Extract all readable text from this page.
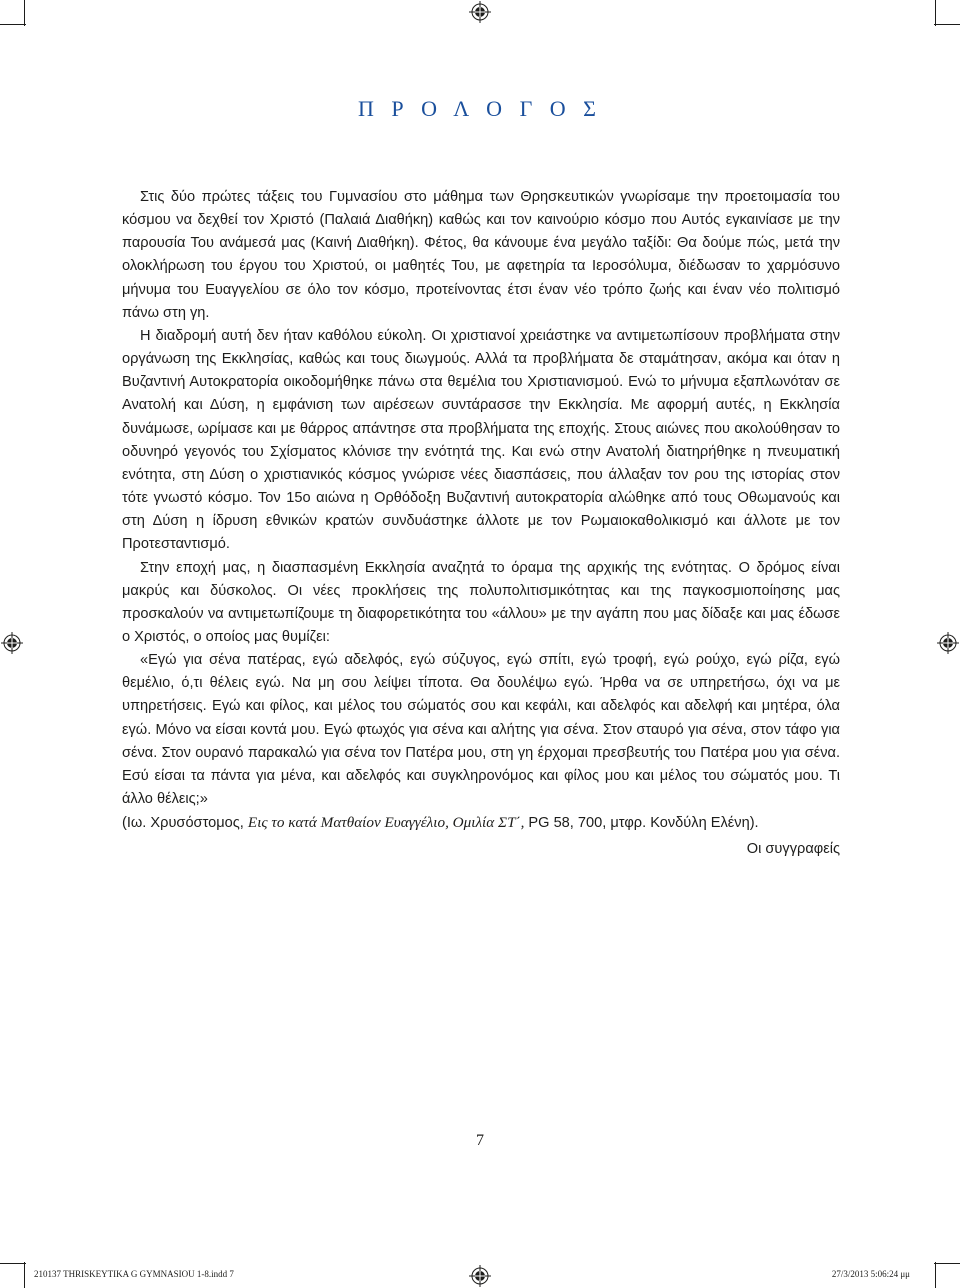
Π Ρ Ο Λ Ο Γ Ο Σ

Στις δύο πρώτες τάξεις του Γυμνασίου στο μάθημα των Θρησκευτικών γνωρίσαμε την προετοιμασία του κόσμου να δεχθεί τον Χριστό (Παλαιά Διαθήκη) καθώς και τον καινούριο κόσμο που Αυτός εγκαινίασε με την παρουσία Του ανάμεσά μας (Καινή Διαθήκη). Φέτος, θα κάνουμε ένα μεγάλο ταξίδι: Θα δούμε πώς, μετά την ολοκλήρωση του έργου του Χριστού, οι μαθητές Του, με αφετηρία τα Ιεροσόλυμα, διέδωσαν το χαρμόσυνο μήνυμα του Ευαγγελίου σε όλο τον κόσμο, προτείνοντας έτσι έναν νέο τρόπο ζωής και έναν νέο πολιτισμό πάνω στη γη.

Η διαδρομή αυτή δεν ήταν καθόλου εύκολη. Οι χριστιανοί χρειάστηκε να αντιμετωπίσουν προβλήματα στην οργάνωση της Εκκλησίας, καθώς και τους διωγμούς. Αλλά τα προβλήματα δε σταμάτησαν, ακόμα και όταν η Βυζαντινή Αυτοκρατορία οικοδομήθηκε πάνω στα θεμέλια του Χριστιανισμού. Ενώ το μήνυμα εξαπλωνόταν σε Ανατολή και Δύση, η εμφάνιση των αιρέσεων συντάρασσε την Εκκλησία. Με αφορμή αυτές, η Εκκλησία δυνάμωσε, ωρίμασε και με θάρρος απάντησε στα προβλήματα της εποχής. Στους αιώνες που ακολούθησαν το οδυνηρό γεγονός του Σχίσματος κλόνισε την ενότητά της. Και ενώ στην Ανατολή διατηρήθηκε η πνευματική ενότητα, στη Δύση ο χριστιανικός κόσμος γνώρισε νέες διασπάσεις, που άλλαξαν τον ρου της ιστορίας στον τότε γνωστό κόσμο. Τον 15ο αιώνα η Ορθόδοξη Βυζαντινή αυτοκρατορία αλώθηκε από τους Οθωμανούς και στη Δύση η ίδρυση εθνικών κρατών συνδυάστηκε άλλοτε με τον Ρωμαιοκαθολικισμό και άλλοτε με τον Προτεσταντισμό.

Στην εποχή μας, η διασπασμένη Εκκλησία αναζητά το όραμα της αρχικής της ενότητας. Ο δρόμος είναι μακρύς και δύσκολος. Οι νέες προκλήσεις της πολυπολιτισμικότητας και της παγκοσμιοποίησης μας προσκαλούν να αντιμετωπίζουμε τη διαφορετικότητα του «άλλου» με την αγάπη που μας δίδαξε και μας έδωσε ο Χριστός, ο οποίος μας θυμίζει:

«Εγώ για σένα πατέρας, εγώ αδελφός, εγώ σύζυγος, εγώ σπίτι, εγώ τροφή, εγώ ρούχο, εγώ ρίζα, εγώ θεμέλιο, ό,τι θέλεις εγώ. Να μη σου λείψει τίποτα. Θα δουλέψω εγώ. Ήρθα να σε υπηρετήσω, όχι να με υπηρετήσεις. Εγώ και φίλος, και μέλος του σώματός σου και κεφάλι, και αδελφός και αδελφή και μητέρα, όλα εγώ. Μόνο να είσαι κοντά μου. Εγώ φτωχός για σένα και αλήτης για σένα. Στον σταυρό για σένα, στον τάφο για σένα. Στον ουρανό παρακαλώ για σένα τον Πατέρα μου, στη γη έρχομαι πρεσβευτής του Πατέρα μου για σένα. Εσύ είσαι τα πάντα για μένα, και αδελφός και συγκληρονόμος και φίλος μου και μέλος του σώματός μου. Τι άλλο θέλεις;»

(Ιω. Χρυσόστομος, Εις το κατά Ματθαίον Ευαγγέλιο, Ομιλία ΣΤ΄, PG 58, 700, μτφρ. Κονδύλη Ελένη).

Οι συγγραφείς
7
210137 THRISKEYTIKA G GYMNASIOU 1-8.indd 7	27/3/2013 5:06:24 μμ
